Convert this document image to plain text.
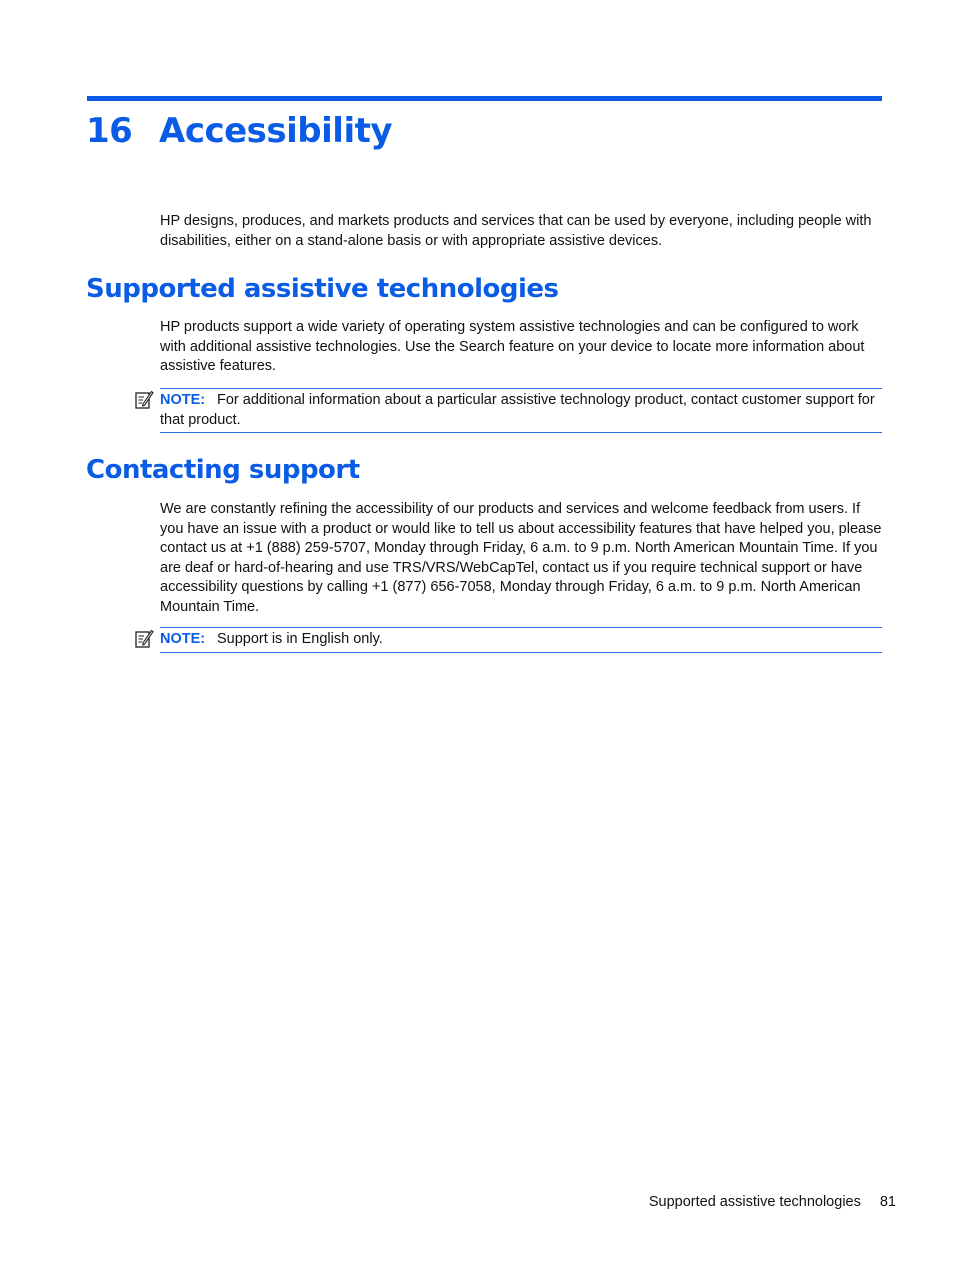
16 Accessibility

HP designs, produces, and markets products and services that can be used by everyone, including people with disabilities, either on a stand-alone basis or with appropriate assistive devices.

Supported assistive technologies

HP products support a wide variety of operating system assistive technologies and can be configured to work with additional assistive technologies. Use the Search feature on your device to locate more information about assistive features.

NOTE: For additional information about a particular assistive technology product, contact customer support for that product.

Contacting support

We are constantly refining the accessibility of our products and services and welcome feedback from users. If you have an issue with a product or would like to tell us about accessibility features that have helped you, please contact us at +1 (888) 259-5707, Monday through Friday, 6 a.m. to 9 p.m. North American Mountain Time. If you are deaf or hard-of-hearing and use TRS/VRS/WebCapTel, contact us if you require technical support or have accessibility questions by calling +1 (877) 656-7058, Monday through Friday, 6 a.m. to 9 p.m. North American Mountain Time.

NOTE: Support is in English only.

Supported assistive technologies 81
